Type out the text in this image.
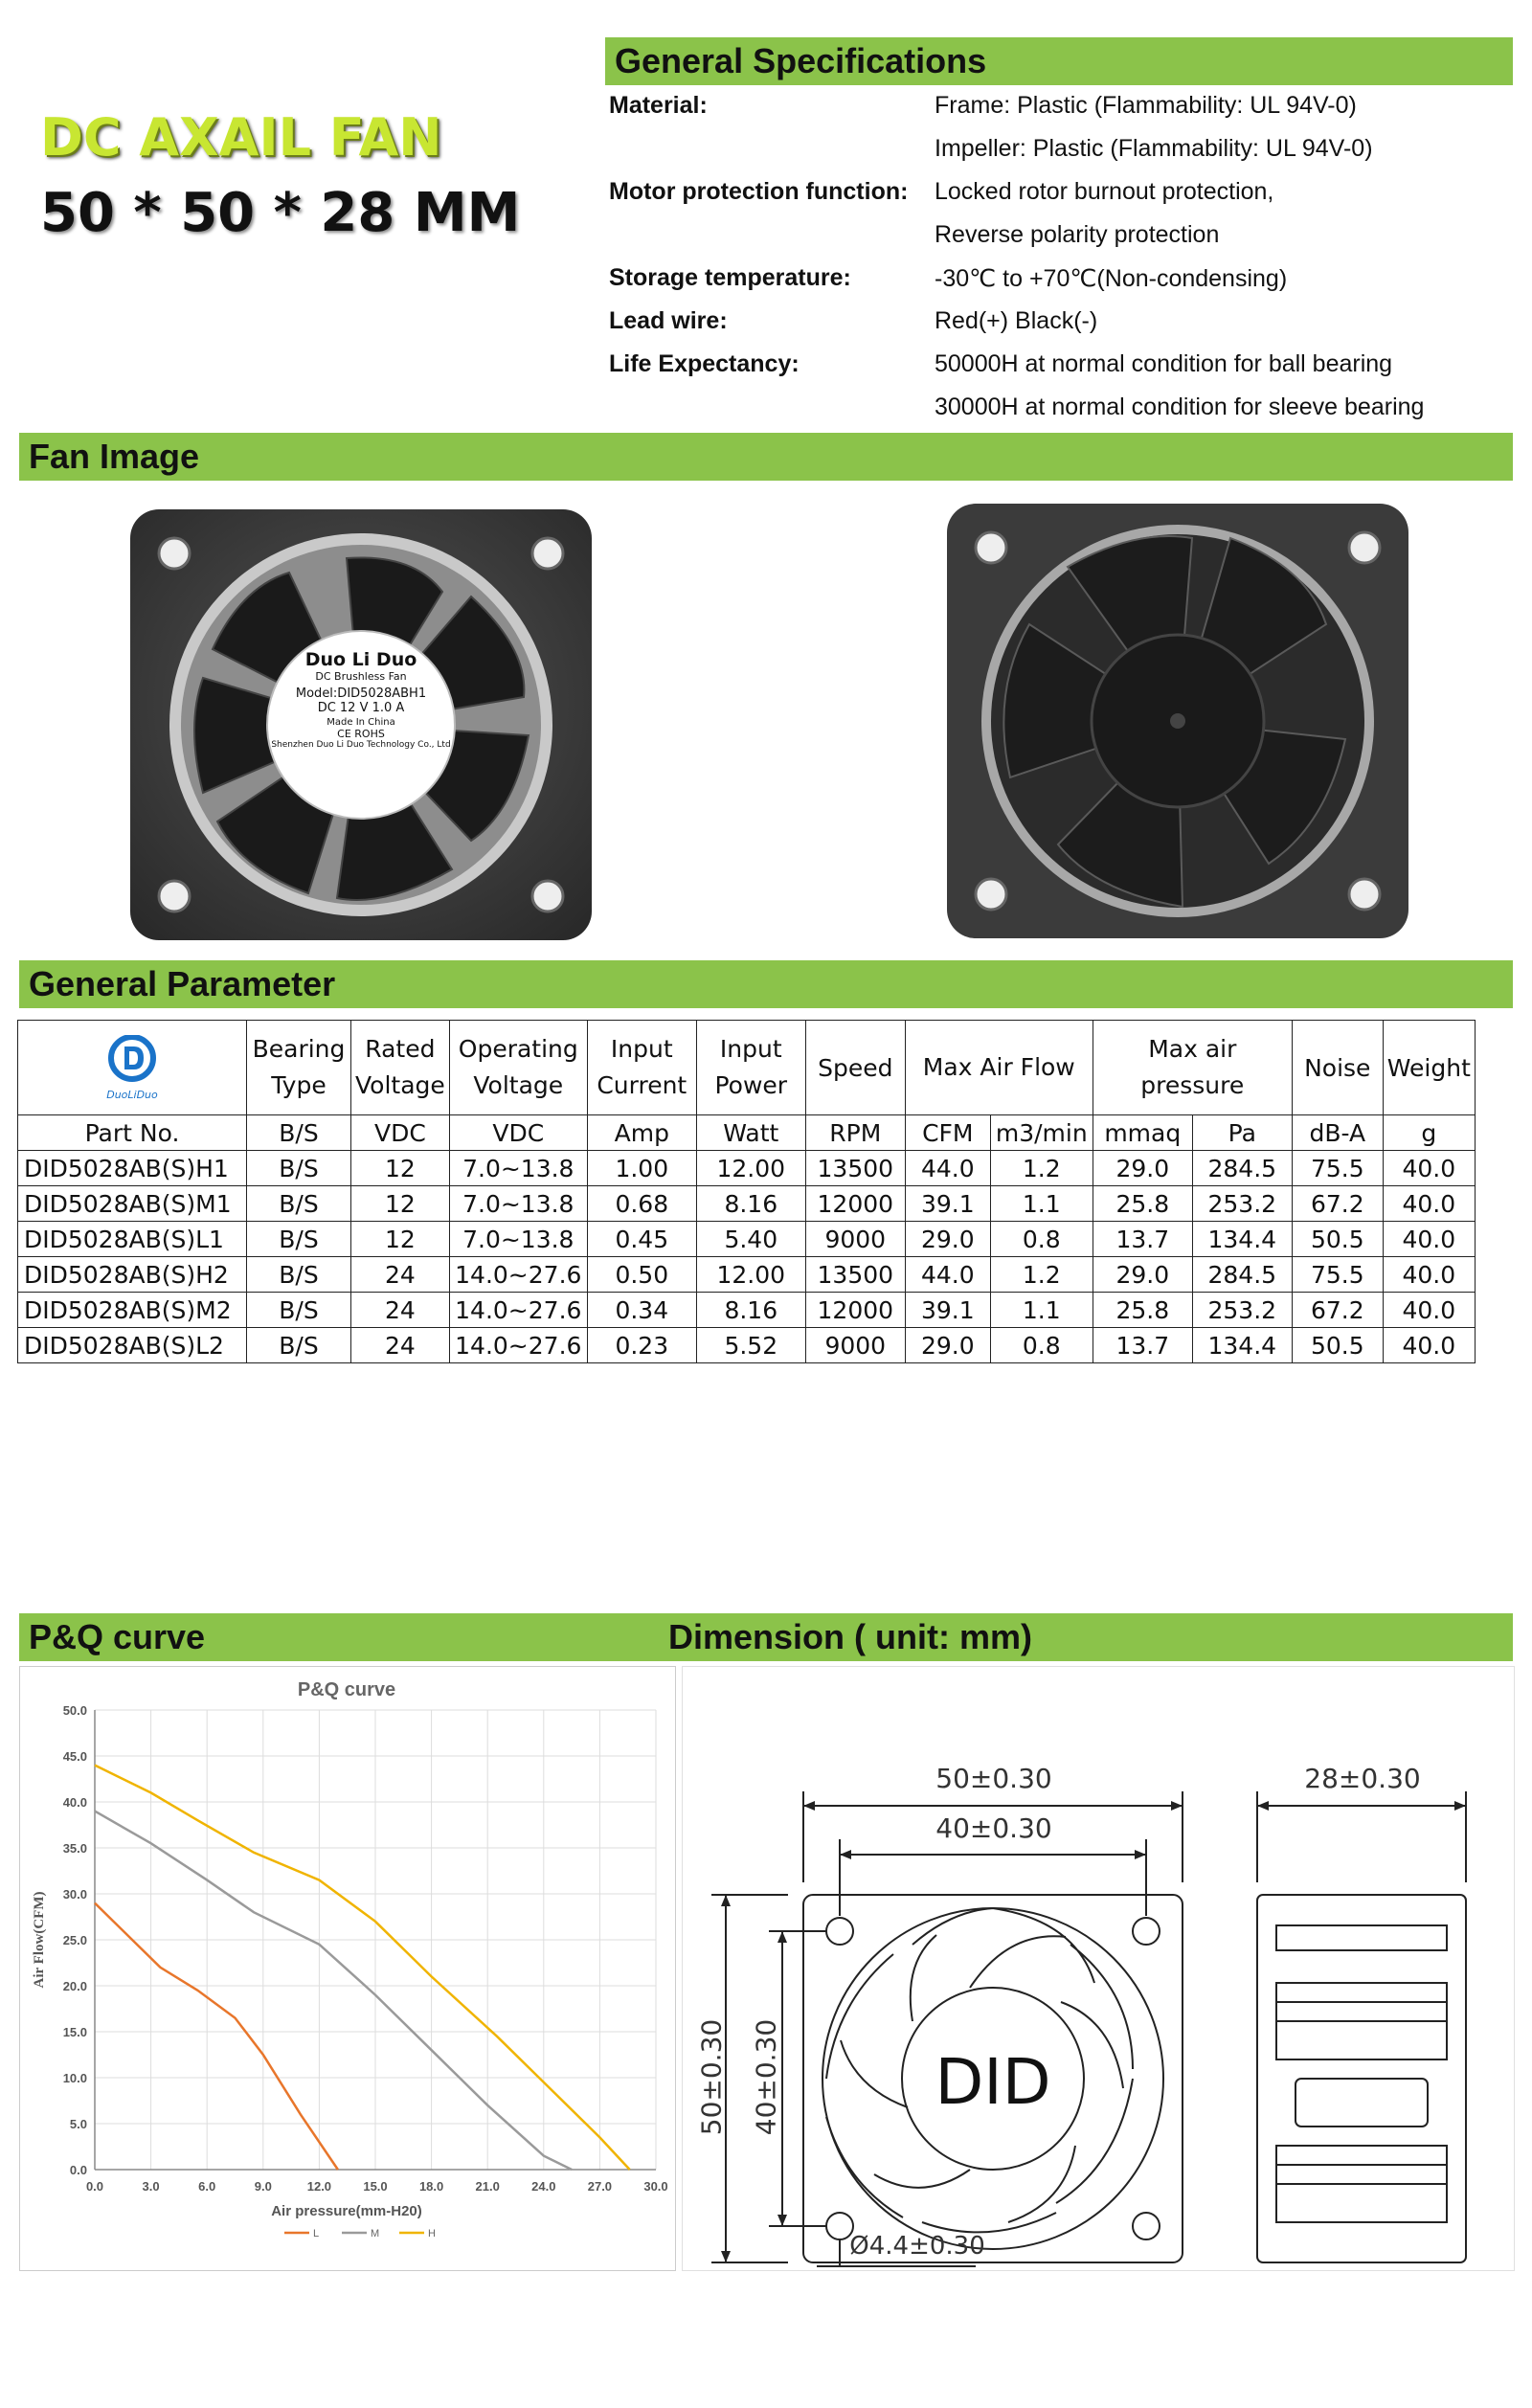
DC AXAIL FAN
50 * 50 * 28 MM
General Specifications
Material:	Frame: Plastic (Flammability: UL 94V-0)
Impeller: Plastic (Flammability: UL 94V-0)
Motor protection function: Locked rotor burnout protection,
Reverse polarity protection
Storage temperature:	-30℃ to +70℃(Non-condensing)
Lead wire:	Red(+) Black(-)
Life Expectancy:	50000H at normal condition for ball bearing
30000H at normal condition for sleeve bearing
Fan Image
Duo Li Duo
DC Brushless Fan
Model:DID5028ABH1
DC 12 V 1.0 A
Made In China
CE ROHS
Shenzhen Duo Li Duo Technology Co., Ltd
General Parameter
DuoLiDuo	Bearing Type	Rated Voltage	Operating Voltage	Input Current	Input Power	Speed	Max Air Flow		Max air pressure		Noise	Weight
Part No.	B/S	VDC	VDC	Amp	Watt	RPM	CFM	m3/min	mmaq	Pa	dB-A	g
DID5028AB(S)H1	B/S	12	7.0~13.8	1.00	12.00	13500	44.0	1.2	29.0	284.5	75.5	40.0
DID5028AB(S)M1	B/S	12	7.0~13.8	0.68	8.16	12000	39.1	1.1	25.8	253.2	67.2	40.0
DID5028AB(S)L1	B/S	12	7.0~13.8	0.45	5.40	9000	29.0	0.8	13.7	134.4	50.5	40.0
DID5028AB(S)H2	B/S	24	14.0~27.6	0.50	12.00	13500	44.0	1.2	29.0	284.5	75.5	40.0
DID5028AB(S)M2	B/S	24	14.0~27.6	0.34	8.16	12000	39.1	1.1	25.8	253.2	67.2	40.0
DID5028AB(S)L2	B/S	24	14.0~27.6	0.23	5.52	9000	29.0	0.8	13.7	134.4	50.5	40.0
P&Q curve	Dimension ( unit: mm)
P&Q curve
0.0	3.0	6.0	9.0	12.0	15.0	18.0	21.0	24.0	27.0	30.0
0.0
5.0
10.0
15.0
20.0
25.0
30.0
35.0
40.0
45.0
50.0
Air pressure(mm-H20)
Air Flow(CFM)
L	M	H
50±0.30
40±0.30
28±0.30
50±0.30 40±0.30
Ø4.4±0.30
DID
